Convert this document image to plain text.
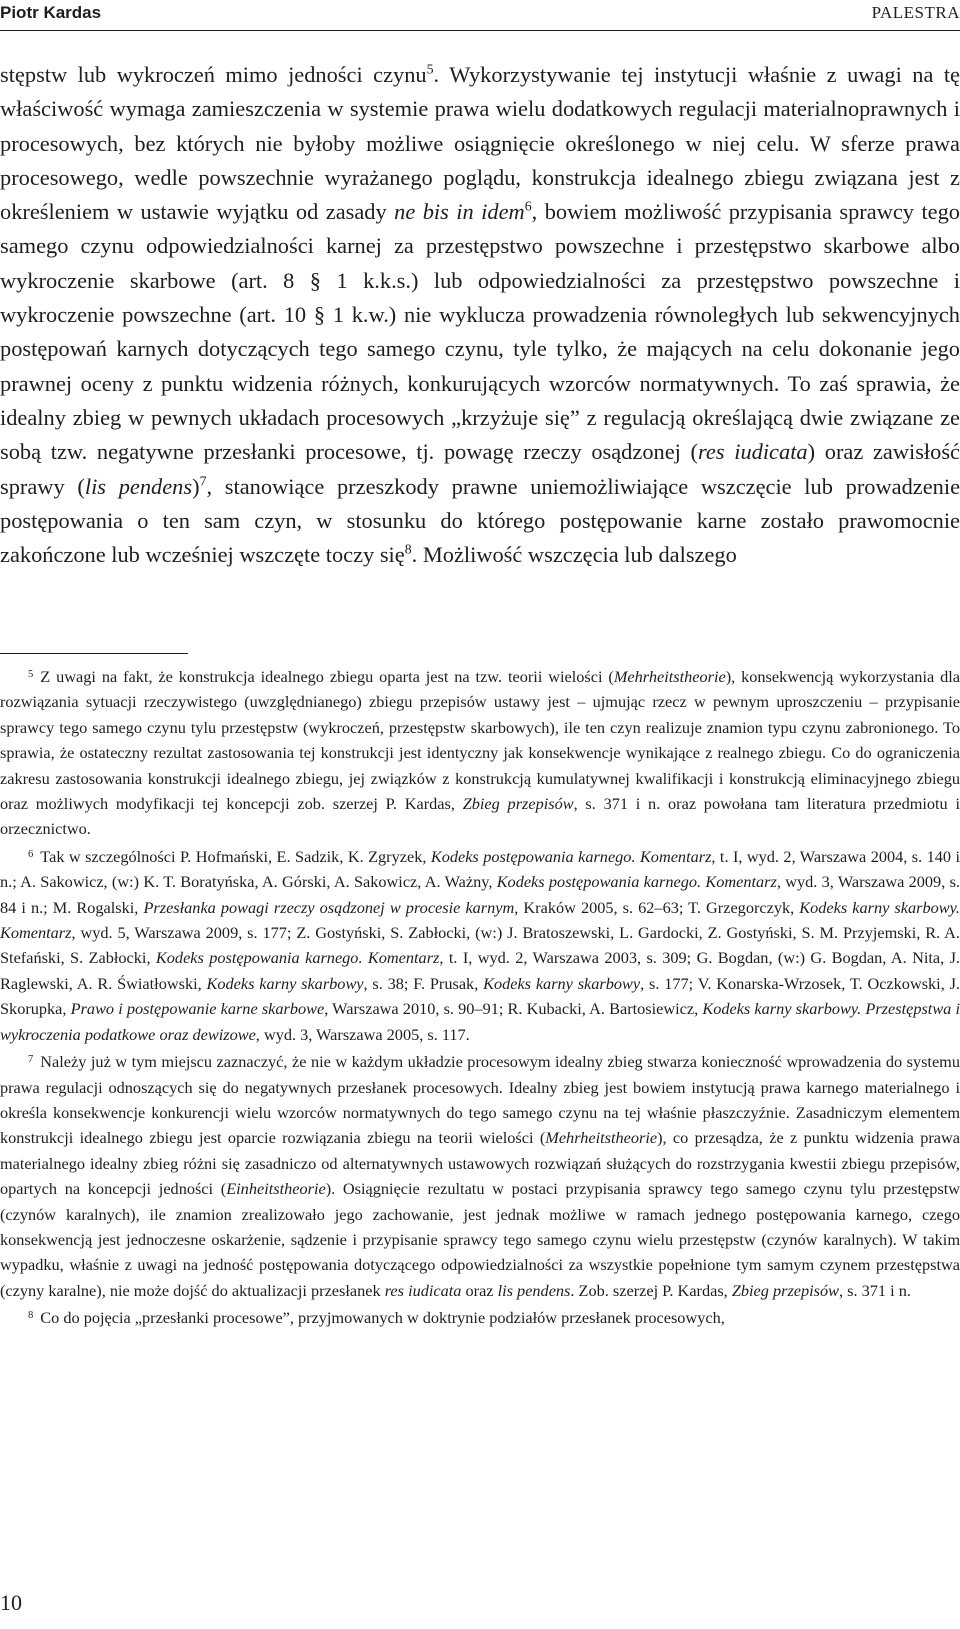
Piotr Kardas	PALESTRA

stępstw lub wykroczeń mimo jedności czynu$^5$. Wykorzystywanie tej instytucji właśnie z uwagi na tę właściwość wymaga zamieszczenia w systemie prawa wielu dodatkowych regulacji materialnoprawnych i procesowych, bez których nie byłoby możliwe osiągnięcie określonego w niej celu. W sferze prawa procesowego, wedle powszechnie wyrażanego poglądu, konstrukcja idealnego zbiegu związana jest z określeniem w ustawie wyjątku od zasady ne bis in idem$^6$, bowiem możliwość przypisania sprawcy tego samego czynu odpowiedzialności karnej za przestępstwo powszechne i przestępstwo skarbowe albo wykroczenie skarbowe (art. 8 § 1 k.k.s.) lub odpowiedzialności za przestępstwo powszechne i wykroczenie powszechne (art. 10 § 1 k.w.) nie wyklucza prowadzenia równoległych lub sekwencyjnych postępowań karnych dotyczących tego samego czynu, tyle tylko, że mających na celu dokonanie jego prawnej oceny z punktu widzenia różnych, konkurujących wzorców normatywnych. To zaś sprawia, że idealny zbieg w pewnych układach procesowych „krzyżuje się” z regulacją określającą dwie związane ze sobą tzw. negatywne przesłanki procesowe, tj. powagę rzeczy osądzonej (res iudicata) oraz zawisłość sprawy (lis pendens)$^7$, stanowiące przeszkody prawne uniemożliwiające wszczęcie lub prowadzenie postępowania o ten sam czyn, w stosunku do którego postępowanie karne zostało prawomocnie zakończone lub wcześniej wszczęte toczy się$^8$. Możliwość wszczęcia lub dalszego

$^5$ Z uwagi na fakt, że konstrukcja idealnego zbiegu oparta jest na tzw. teorii wielości (Mehrheitstheorie), konsekwencją wykorzystania dla rozwiązania sytuacji rzeczywistego (uwzględnianego) zbiegu przepisów ustawy jest – ujmując rzecz w pewnym uproszczeniu – przypisanie sprawcy tego samego czynu tylu przestępstw (wykroczeń, przestępstw skarbowych), ile ten czyn realizuje znamion typu czynu zabronionego. To sprawia, że ostateczny rezultat zastosowania tej konstrukcji jest identyczny jak konsekwencje wynikające z realnego zbiegu. Co do ograniczenia zakresu zastosowania konstrukcji idealnego zbiegu, jej związków z konstrukcją kumulatywnej kwalifikacji i konstrukcją eliminacyjnego zbiegu oraz możliwych modyfikacji tej koncepcji zob. szerzej P. Kardas, Zbieg przepisów, s. 371 i n. oraz powołana tam literatura przedmiotu i orzecznictwo.

$^6$ Tak w szczególności P. Hofmański, E. Sadzik, K. Zgryzek, Kodeks postępowania karnego. Komentarz, t. I, wyd. 2, Warszawa 2004, s. 140 i n.; A. Sakowicz, (w:) K. T. Boratyńska, A. Górski, A. Sakowicz, A. Ważny, Kodeks postępowania karnego. Komentarz, wyd. 3, Warszawa 2009, s. 84 i n.; M. Rogalski, Przesłanka powagi rzeczy osądzonej w procesie karnym, Kraków 2005, s. 62–63; T. Grzegorczyk, Kodeks karny skarbowy. Komentarz, wyd. 5, Warszawa 2009, s. 177; Z. Gostyński, S. Zabłocki, (w:) J. Bratoszewski, L. Gardocki, Z. Gostyński, S. M. Przyjemski, R. A. Stefański, S. Zabłocki, Kodeks postępowania karnego. Komentarz, t. I, wyd. 2, Warszawa 2003, s. 309; G. Bogdan, (w:) G. Bogdan, A. Nita, J. Raglewski, A. R. Światłowski, Kodeks karny skarbowy, s. 38; F. Prusak, Kodeks karny skarbowy, s. 177; V. Konarska-Wrzosek, T. Oczkowski, J. Skorupka, Prawo i postępowanie karne skarbowe, Warszawa 2010, s. 90–91; R. Kubacki, A. Bartosiewicz, Kodeks karny skarbowy. Przestępstwa i wykroczenia podatkowe oraz dewizowe, wyd. 3, Warszawa 2005, s. 117.

$^7$ Należy już w tym miejscu zaznaczyć, że nie w każdym układzie procesowym idealny zbieg stwarza konieczność wprowadzenia do systemu prawa regulacji odnoszących się do negatywnych przesłanek procesowych. Idealny zbieg jest bowiem instytucją prawa karnego materialnego i określa konsekwencje konkurencji wielu wzorców normatywnych do tego samego czynu na tej właśnie płaszczyźnie. Zasadniczym elementem konstrukcji idealnego zbiegu jest oparcie rozwiązania zbiegu na teorii wielości (Mehrheitstheorie), co przesądza, że z punktu widzenia prawa materialnego idealny zbieg różni się zasadniczo od alternatywnych ustawowych rozwiązań służących do rozstrzygania kwestii zbiegu przepisów, opartych na koncepcji jedności (Einheitstheorie). Osiągnięcie rezultatu w postaci przypisania sprawcy tego samego czynu tylu przestępstw (czynów karalnych), ile znamion zrealizowało jego zachowanie, jest jednak możliwe w ramach jednego postępowania karnego, czego konsekwencją jest jednoczesne oskarżenie, sądzenie i przypisanie sprawcy tego samego czynu wielu przestępstw (czynów karalnych). W takim wypadku, właśnie z uwagi na jedność postępowania dotyczącego odpowiedzialności za wszystkie popełnione tym samym czynem przestępstwa (czyny karalne), nie może dojść do aktualizacji przesłanek res iudicata oraz lis pendens. Zob. szerzej P. Kardas, Zbieg przepisów, s. 371 i n.

$^8$ Co do pojęcia „przesłanki procesowe”, przyjmowanych w doktrynie podziałów przesłanek procesowych,

10
